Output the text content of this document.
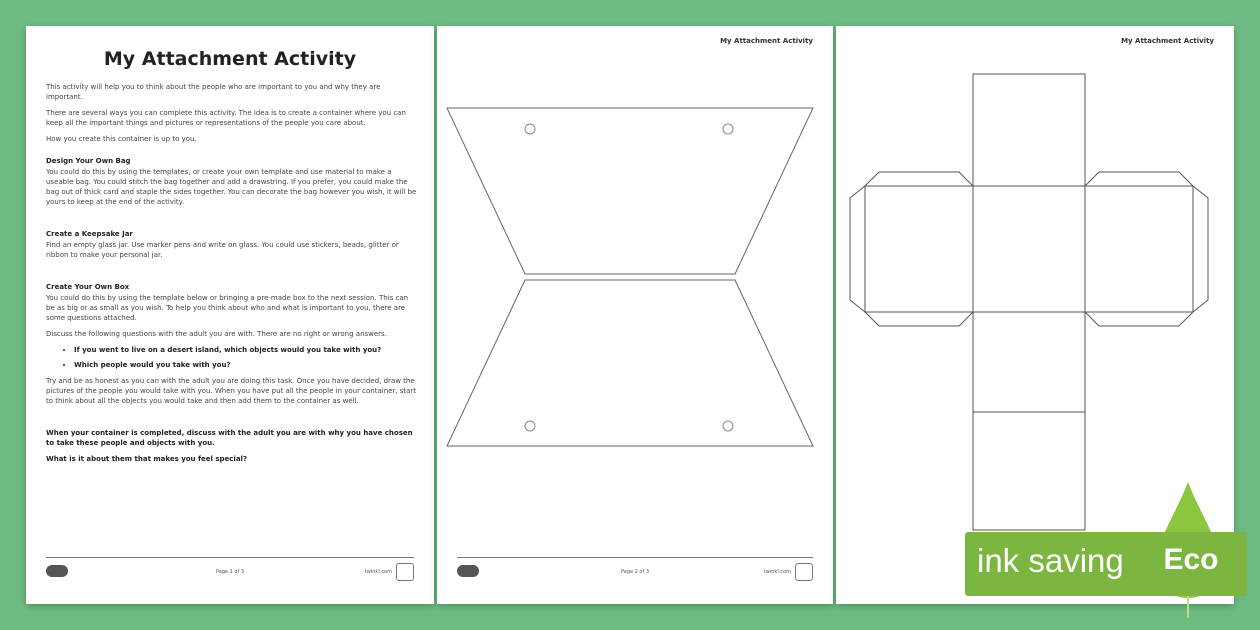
My Attachment Activity

This activity will help you to think about the people who are important to you and why they are important.

There are several ways you can complete this activity. The idea is to create a container where you can keep all the important things and pictures or representations of the people you care about.

How you create this container is up to you.

Design Your Own Bag

You could do this by using the templates, or create your own template and use material to make a useable bag. You could stitch the bag together and add a drawstring. If you prefer, you could make the bag out of thick card and staple the sides together. You can decorate the bag however you wish, it will be yours to keep at the end of the activity.

Create a Keepsake Jar

Find an empty glass jar. Use marker pens and write on glass. You could use stickers, beads, glitter or ribbon to make your personal jar.

Create Your Own Box

You could do this by using the template below or bringing a pre-made box to the next session. This can be as big or as small as you wish. To help you think about who and what is important to you, there are some questions attached.

Discuss the following questions with the adult you are with. There are no right or wrong answers.

• If you went to live on a desert island, which objects would you take with you?
• Which people would you take with you?

Try and be as honest as you can with the adult you are doing this task. Once you have decided, draw the pictures of the people you would take with you. When you have put all the people in your container, start to think about all the objects you would take and then add them to the container as well.

When your container is completed, discuss with the adult you are with why you have chosen to take these people and objects with you.

What is it about them that makes you feel special?

Page 1 of 3	twinkl.com
My Attachment Activity
Page 2 of 3	twinkl.com
My Attachment Activity
ink saving Eco
